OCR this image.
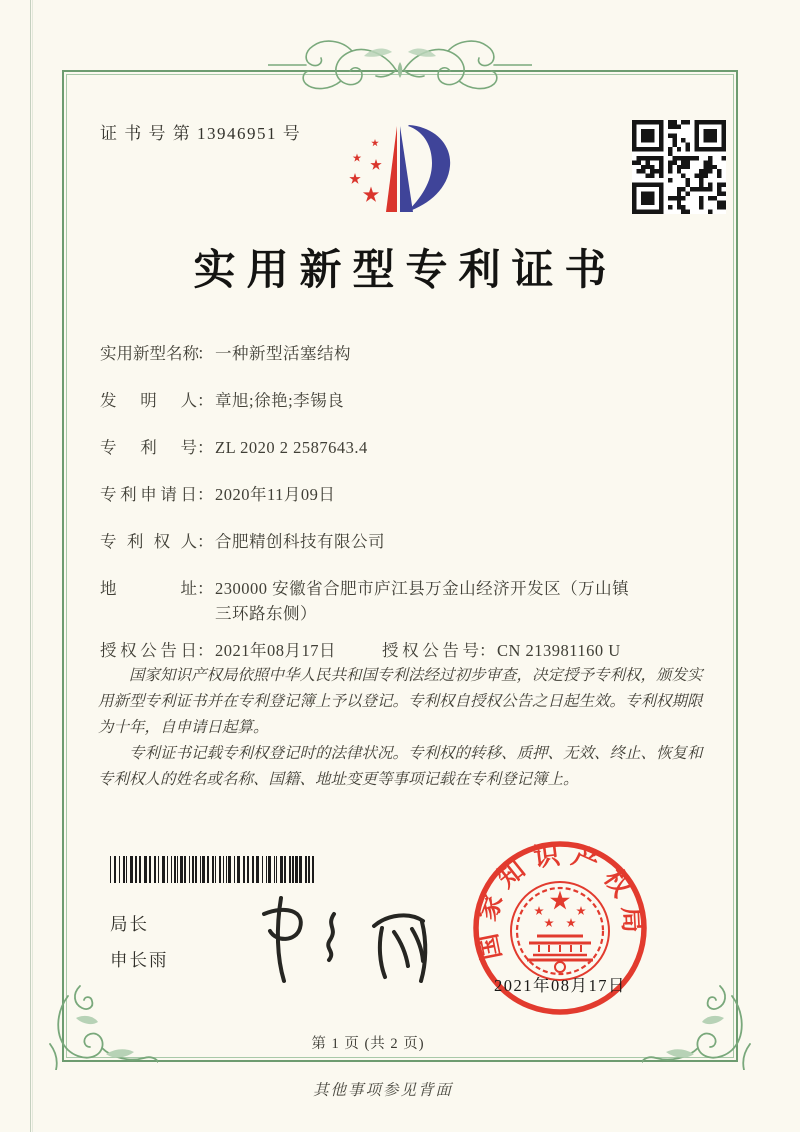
证 书 号 第 13946951 号
实用新型专利证书
实用新型名称：一种新型活塞结构
发明人：章旭;徐艳;李锡良
专利号：ZL 2020 2 2587643.4
专利申请日：2020年11月09日
专利权人：合肥精创科技有限公司
地址：230000 安徽省合肥市庐江县万金山经济开发区（万山镇
三环路东侧）
授权公告日：2021年08月17日	授权公告号：CN 213981160 U

国家知识产权局依照中华人民共和国专利法经过初步审查，决定授予专利权，颁发实用新型专利证书并在专利登记簿上予以登记。专利权自授权公告之日起生效。专利权期限为十年，自申请日起算。

专利证书记载专利权登记时的法律状况。专利权的转移、质押、无效、终止、恢复和专利权人的姓名或名称、国籍、地址变更等事项记载在专利登记簿上。

局长
申长雨	国家知识产权局
2021年08月17日
第 1 页 (共 2 页)
其他事项参见背面
